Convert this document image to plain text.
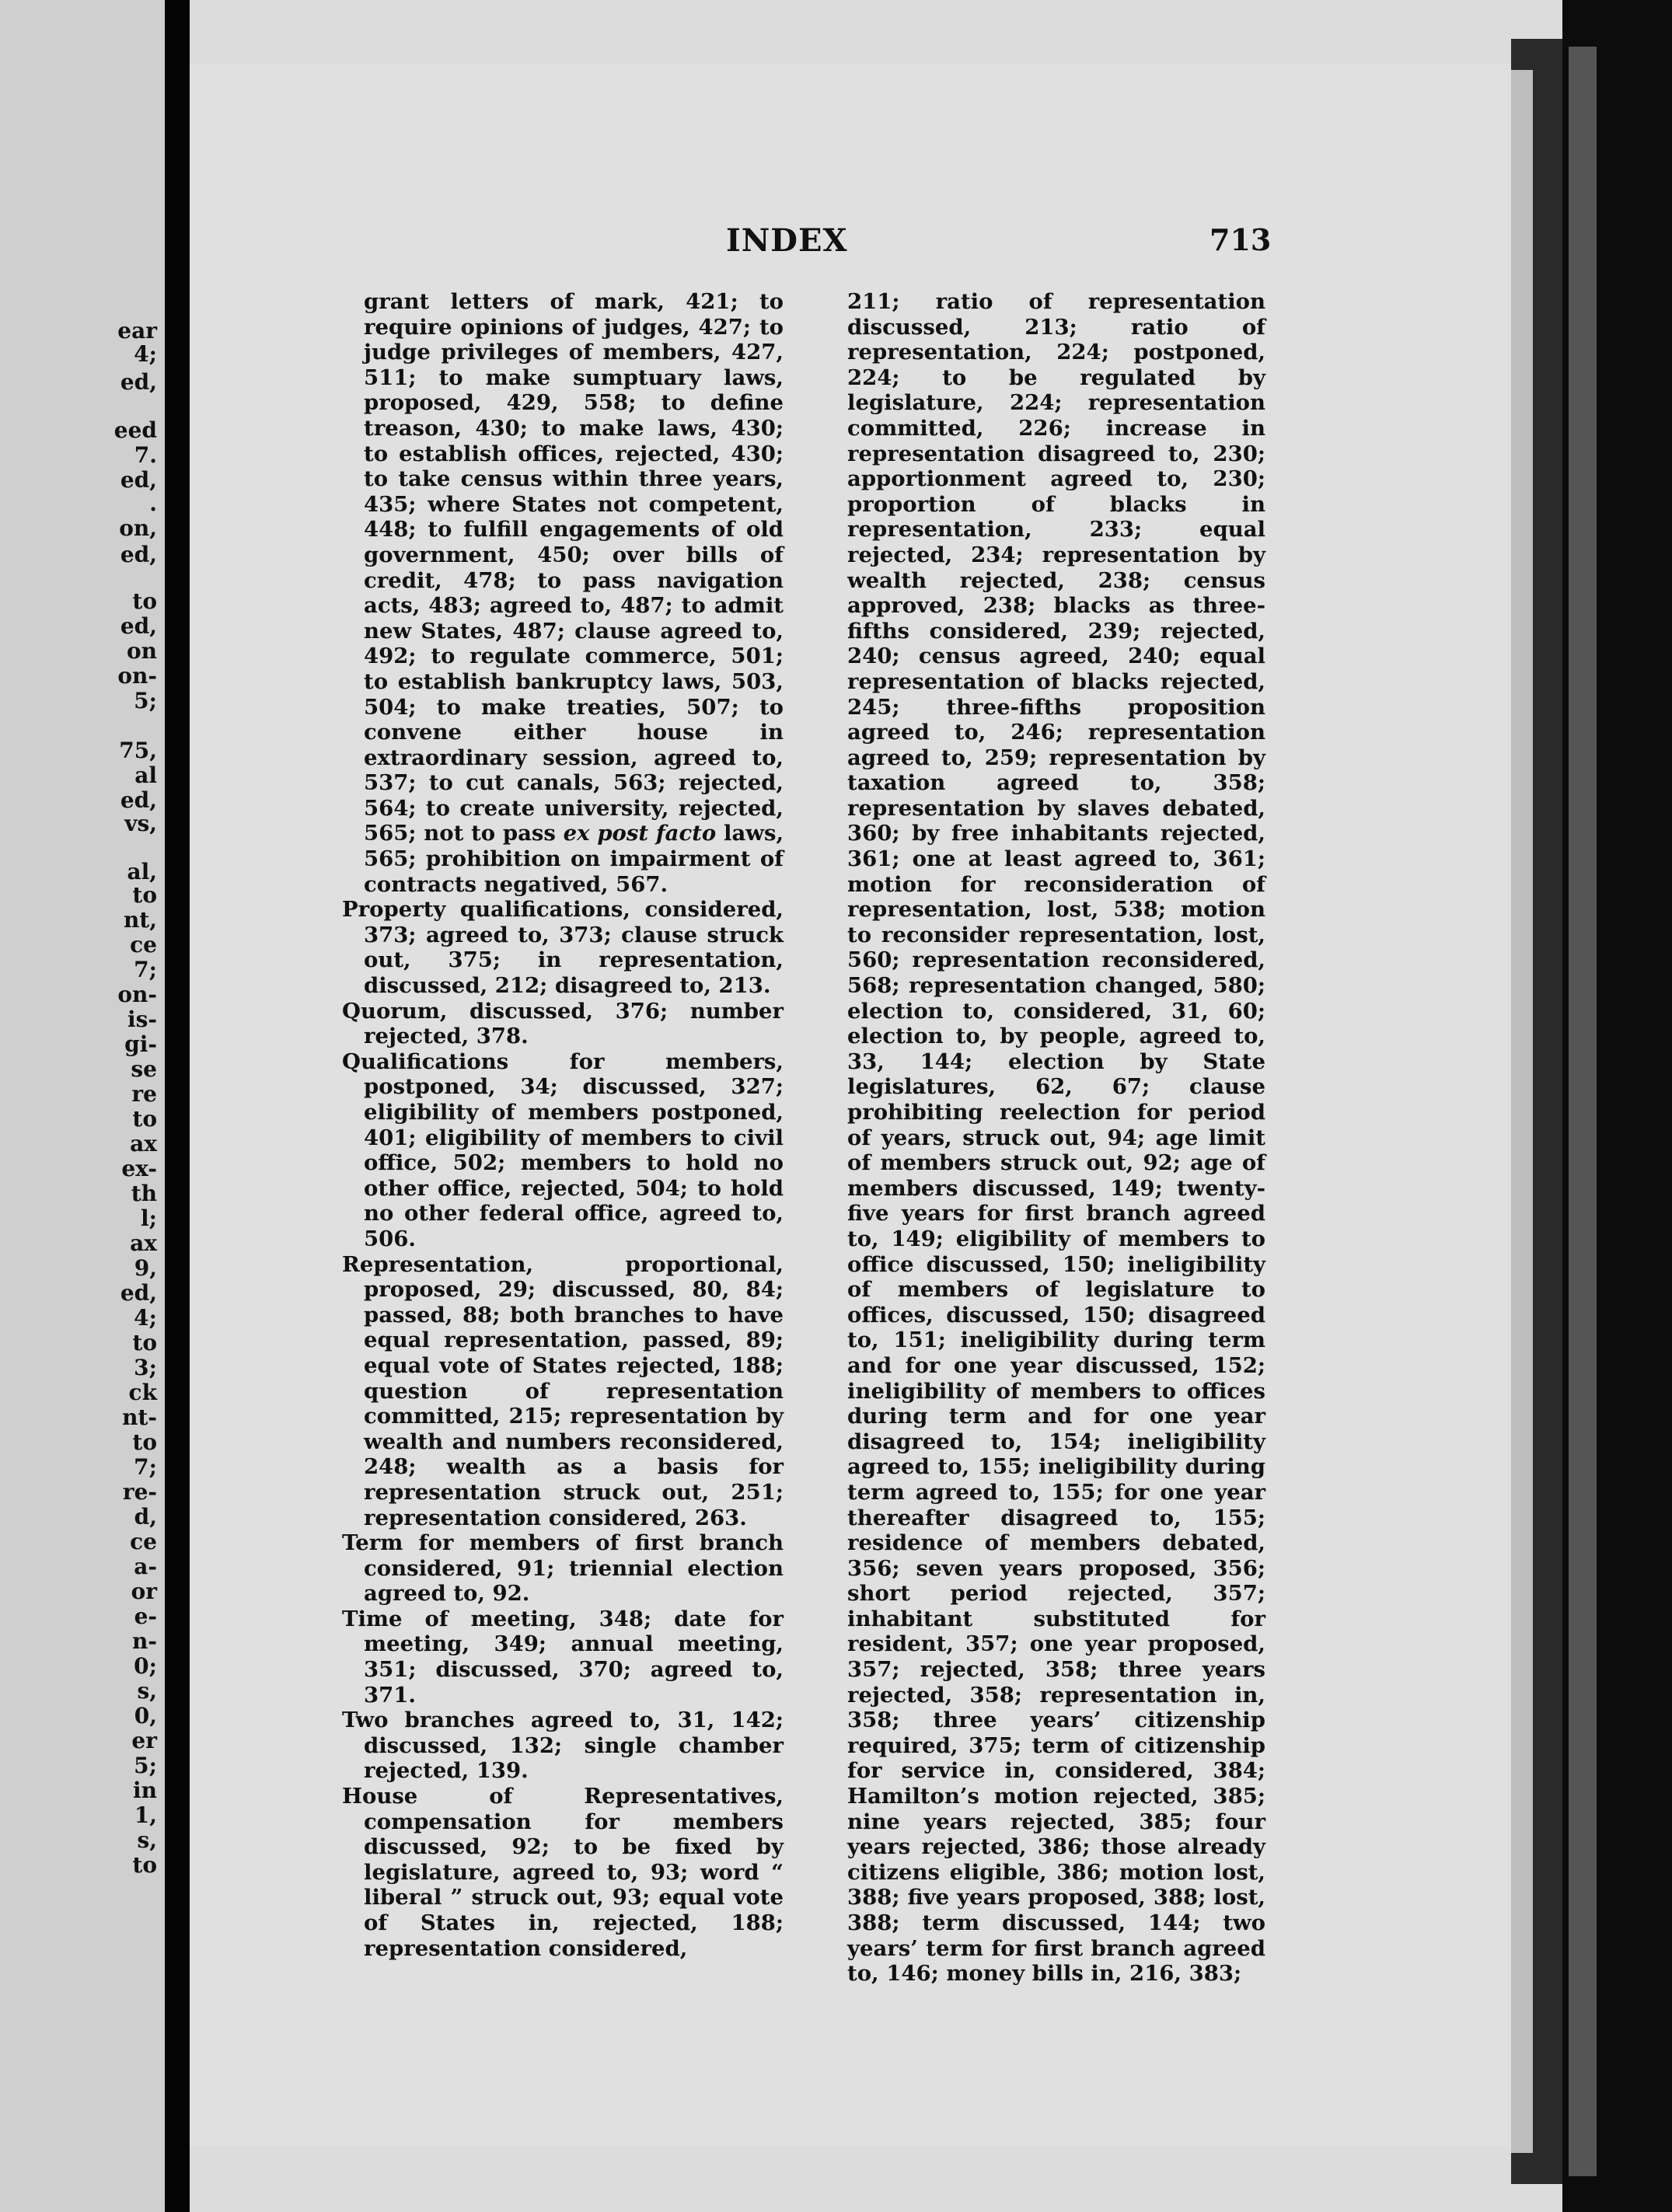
ear
4;
ed,
eed
7.
ed,
.
on,
ed,
to
ed,
on
on-
5;
75,
al
ed,
vs,
al,
to
nt,
ce
7;
on-
is-
gi-
se
re
to
ax
ex-
th
l;
ax
9,
ed,
4;
to
3;
ck
nt-
to
7;
re-
d,
ce
a-
or
e-
n-
0;
s,
0,
er
5;
in
1,
s,
to
INDEX	713

grant letters of mark, 421; to require opinions of judges, 427; to judge privileges of members, 427, 511; to make sumptuary laws, proposed, 429, 558; to define treason, 430; to make laws, 430; to establish offices, rejected, 430; to take census within three years, 435; where States not competent, 448; to fulfill engagements of old government, 450; over bills of credit, 478; to pass navigation acts, 483; agreed to, 487; to admit new States, 487; clause agreed to, 492; to regulate commerce, 501; to establish bankruptcy laws, 503, 504; to make treaties, 507; to convene either house in extraordinary session, agreed to, 537; to cut canals, 563; rejected, 564; to create university, rejected, 565; not to pass ex post facto laws, 565; prohibition on impairment of contracts negatived, 567.

Property qualifications, considered, 373; agreed to, 373; clause struck out, 375; in representation, discussed, 212; disagreed to, 213.

Quorum, discussed, 376; number rejected, 378.

Qualifications for members, postponed, 34; discussed, 327; eligibility of members postponed, 401; eligibility of members to civil office, 502; members to hold no other office, rejected, 504; to hold no other federal office, agreed to, 506.

Representation, proportional, proposed, 29; discussed, 80, 84; passed, 88; both branches to have equal representation, passed, 89; equal vote of States rejected, 188; question of representation committed, 215; representation by wealth and numbers reconsidered, 248; wealth as a basis for representation struck out, 251; representation considered, 263.

Term for members of first branch considered, 91; triennial election agreed to, 92.

Time of meeting, 348; date for meeting, 349; annual meeting, 351; discussed, 370; agreed to, 371.

Two branches agreed to, 31, 142; discussed, 132; single chamber rejected, 139.

House of Representatives, compensation for members discussed, 92; to be fixed by legislature, agreed to, 93; word “ liberal ” struck out, 93; equal vote of States in, rejected, 188; representation considered,

211; ratio of representation discussed, 213; ratio of representation, 224; postponed, 224; to be regulated by legislature, 224; representation committed, 226; increase in representation disagreed to, 230; apportionment agreed to, 230; proportion of blacks in representation, 233; equal rejected, 234; representation by wealth rejected, 238; census approved, 238; blacks as three-fifths considered, 239; rejected, 240; census agreed, 240; equal representation of blacks rejected, 245; three-fifths proposition agreed to, 246; representation agreed to, 259; representation by taxation agreed to, 358; representation by slaves debated, 360; by free inhabitants rejected, 361; one at least agreed to, 361; motion for reconsideration of representation, lost, 538; motion to reconsider representation, lost, 560; representation reconsidered, 568; representation changed, 580; election to, considered, 31, 60; election to, by people, agreed to, 33, 144; election by State legislatures, 62, 67; clause prohibiting reelection for period of years, struck out, 94; age limit of members struck out, 92; age of members discussed, 149; twenty-five years for first branch agreed to, 149; eligibility of members to office discussed, 150; ineligibility of members of legislature to offices, discussed, 150; disagreed to, 151; ineligibility during term and for one year discussed, 152; ineligibility of members to offices during term and for one year disagreed to, 154; ineligibility agreed to, 155; ineligibility during term agreed to, 155; for one year thereafter disagreed to, 155; residence of members debated, 356; seven years proposed, 356; short period rejected, 357; inhabitant substituted for resident, 357; one year proposed, 357; rejected, 358; three years rejected, 358; representation in, 358; three years’ citizenship required, 375; term of citizenship for service in, considered, 384; Hamilton’s motion rejected, 385; nine years rejected, 385; four years rejected, 386; those already citizens eligible, 386; motion lost, 388; five years proposed, 388; lost, 388; term discussed, 144; two years’ term for first branch agreed to, 146; money bills in, 216, 383;
